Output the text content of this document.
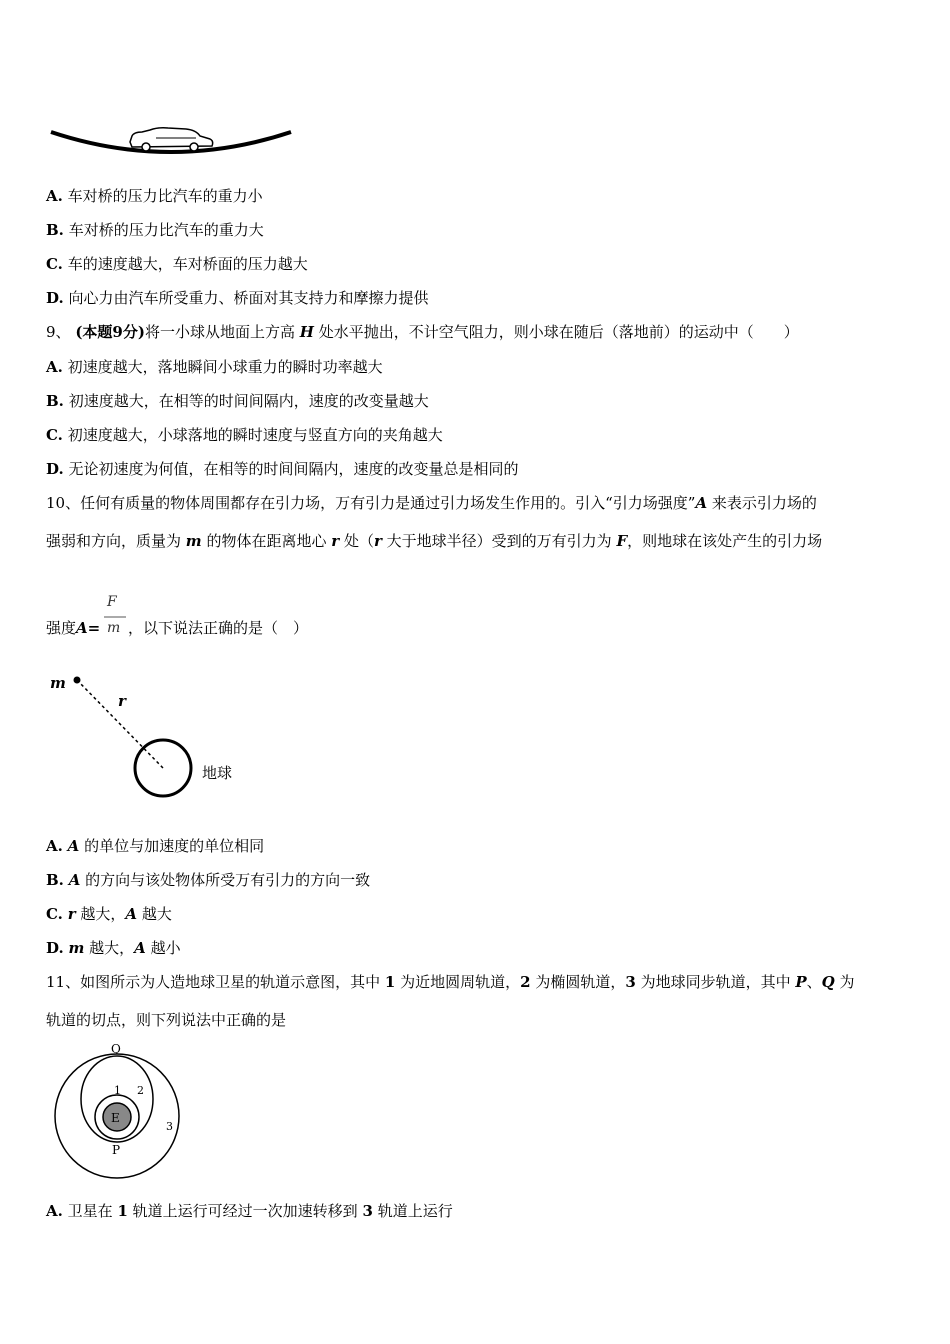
A. 车对桥的压力比汽车的重力小
B. 车对桥的压力比汽车的重力大
C. 车的速度越大，车对桥面的压力越大
D. 向心力由汽车所受重力、桥面对其支持力和摩擦力提供
9、 (本题9分)将一小球从地面上方高 H 处水平抛出，不计空气阻力，则小球在随后（落地前）的运动中（　　）
A. 初速度越大，落地瞬间小球重力的瞬时功率越大
B. 初速度越大，在相等的时间间隔内，速度的改变量越大
C. 初速度越大，小球落地的瞬时速度与竖直方向的夹角越大
D. 无论初速度为何值，在相等的时间间隔内，速度的改变量总是相同的
10、任何有质量的物体周围都存在引力场，万有引力是通过引力场发生作用的。引入“引力场强度”A 来表示引力场的
强弱和方向，质量为 m 的物体在距离地心 r 处（r 大于地球半径）受到的万有引力为 F，则地球在该处产生的引力场
F
m
强度A= ，以下说法正确的是（　）
m
r
地球
A. A 的单位与加速度的单位相同
B. A 的方向与该处物体所受万有引力的方向一致
C. r 越大，A 越大
D. m 越大，A 越小
11、如图所示为人造地球卫星的轨道示意图，其中 1 为近地圆周轨道，2 为椭圆轨道，3 为地球同步轨道，其中 P、Q 为
轨道的切点，则下列说法中正确的是
E
Q
P
1 2
3
A. 卫星在 1 轨道上运行可经过一次加速转移到 3 轨道上运行
